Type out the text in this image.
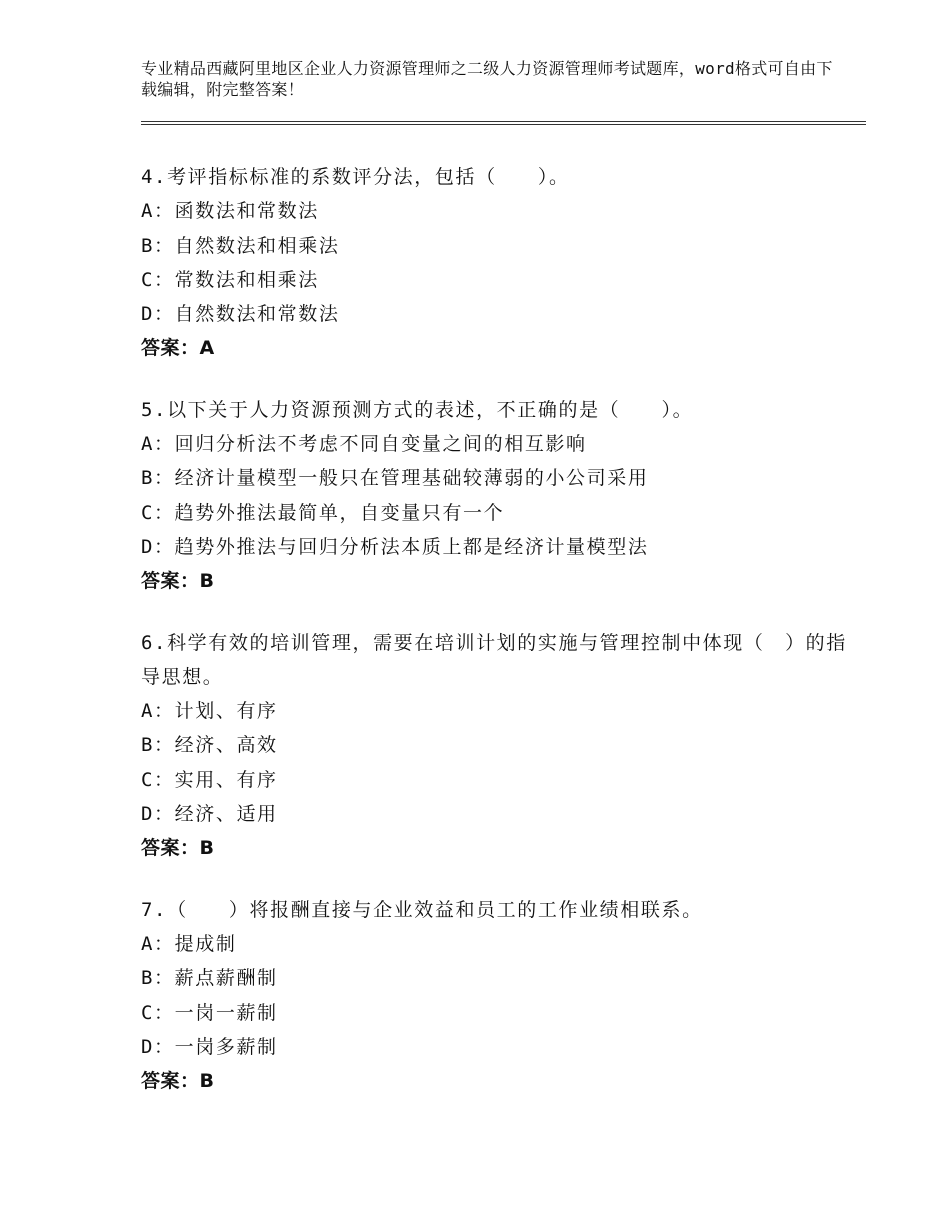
专业精品西藏阿里地区企业人力资源管理师之二级人力资源管理师考试题库，word格式可自由下载编辑，附完整答案！
4.考评指标标准的系数评分法，包括（　　）。
A：函数法和常数法
B：自然数法和相乘法
C：常数法和相乘法
D：自然数法和常数法
答案：A
5.以下关于人力资源预测方式的表述，不正确的是（　　）。
A：回归分析法不考虑不同自变量之间的相互影响
B：经济计量模型一般只在管理基础较薄弱的小公司采用
C：趋势外推法最简单，自变量只有一个
D：趋势外推法与回归分析法本质上都是经济计量模型法
答案：B
6.科学有效的培训管理，需要在培训计划的实施与管理控制中体现（　）的指导思想。
A：计划、有序
B：经济、高效
C：实用、有序
D：经济、适用
答案：B
7.（　　）将报酬直接与企业效益和员工的工作业绩相联系。
A：提成制
B：薪点薪酬制
C：一岗一薪制
D：一岗多薪制
答案：B
